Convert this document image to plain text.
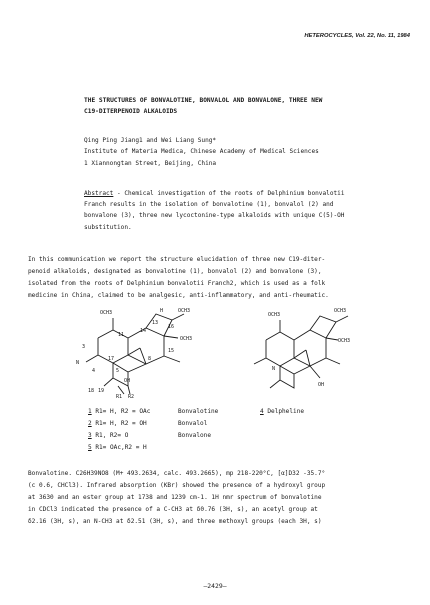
HETEROCYCLES, Vol. 22, No. 11, 1984
THE STRUCTURES OF BONVALOTINE, BONVALOL AND BONVALONE, THREE NEW
C19-DITERPENOID ALKALOIDS
Qing Ping Jiang1 and Wei Liang Sung*
Institute of Materia Medica, Chinese Academy of Medical Sciences
1 Xiannongtan Street, Beijing, China
Abstract - Chemical investigation of the roots of Delphinium bonvalotii
Franch results in the isolation of bonvalotine (1), bonvalol (2) and
bonvalone (3), three new lycoctonine-type alkaloids with unique C(5)-OH
substitution.
In this communication we report the structure elucidation of three new C19-diter-
penoid alkaloids, designated as bonvalotine (1), bonvalol (2) and bonvalone (3),
isolated from the roots of Delphinium bonvalotii Franch2, which is used as a folk
medicine in China, claimed to be analgesic, anti-inflammatory, and anti-rheumatic.
OCH3	OCH3
OCH3
N
OH
18 19
17
5
15
8
13
16
14
11
H
3
4
R1 R2
OCH3
OCH3
OCH3
N
OH
1 R1= H, R2 = OAc	Bonvalotine
2 R1= H, R2 = OH	Bonvalol
3 R1, R2= O	Bonvalone
5 R1= OAc,R2 = H
4 Delpheline
Bonvalotine. C26H39NO8 (M+ 493.2634, calc. 493.2665), mp 218-220°C, [α]D32 -35.7°
(c 0.6, CHCl3). Infrared absorption (KBr) showed the presence of a hydroxyl group
at 3630 and an ester group at 1738 and 1239 cm-1. 1H nmr spectrum of bonvalotine
in CDCl3 indicated the presence of a C-CH3 at δ0.76 (3H, s), an acetyl group at
δ2.16 (3H, s), an N-CH3 at δ2.51 (3H, s), and three methoxyl groups (each 3H, s)
—2429—
